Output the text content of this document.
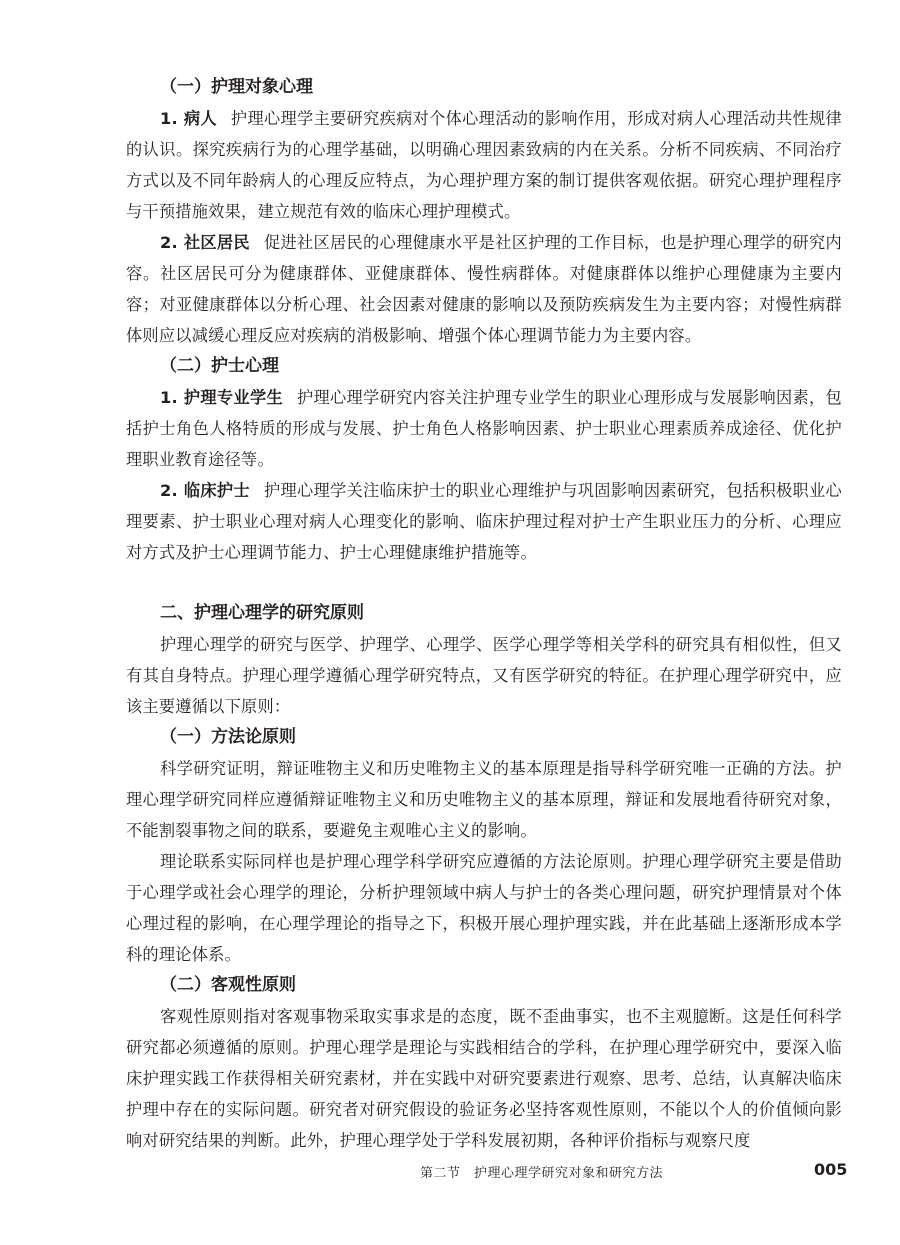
（一）护理对象心理

1. 病人 护理心理学主要研究疾病对个体心理活动的影响作用，形成对病人心理活动共性规律的认识。探究疾病行为的心理学基础，以明确心理因素致病的内在关系。分析不同疾病、不同治疗方式以及不同年龄病人的心理反应特点，为心理护理方案的制订提供客观依据。研究心理护理程序与干预措施效果，建立规范有效的临床心理护理模式。

2. 社区居民 促进社区居民的心理健康水平是社区护理的工作目标，也是护理心理学的研究内容。社区居民可分为健康群体、亚健康群体、慢性病群体。对健康群体以维护心理健康为主要内容；对亚健康群体以分析心理、社会因素对健康的影响以及预防疾病发生为主要内容；对慢性病群体则应以减缓心理反应对疾病的消极影响、增强个体心理调节能力为主要内容。

（二）护士心理

1. 护理专业学生 护理心理学研究内容关注护理专业学生的职业心理形成与发展影响因素，包括护士角色人格特质的形成与发展、护士角色人格影响因素、护士职业心理素质养成途径、优化护理职业教育途径等。

2. 临床护士 护理心理学关注临床护士的职业心理维护与巩固影响因素研究，包括积极职业心理要素、护士职业心理对病人心理变化的影响、临床护理过程对护士产生职业压力的分析、心理应对方式及护士心理调节能力、护士心理健康维护措施等。

二、护理心理学的研究原则

护理心理学的研究与医学、护理学、心理学、医学心理学等相关学科的研究具有相似性，但又有其自身特点。护理心理学遵循心理学研究特点，又有医学研究的特征。在护理心理学研究中，应该主要遵循以下原则：

（一）方法论原则

科学研究证明，辩证唯物主义和历史唯物主义的基本原理是指导科学研究唯一正确的方法。护理心理学研究同样应遵循辩证唯物主义和历史唯物主义的基本原理，辩证和发展地看待研究对象，不能割裂事物之间的联系，要避免主观唯心主义的影响。

理论联系实际同样也是护理心理学科学研究应遵循的方法论原则。护理心理学研究主要是借助于心理学或社会心理学的理论，分析护理领域中病人与护士的各类心理问题，研究护理情景对个体心理过程的影响，在心理学理论的指导之下，积极开展心理护理实践，并在此基础上逐渐形成本学科的理论体系。

（二）客观性原则

客观性原则指对客观事物采取实事求是的态度，既不歪曲事实，也不主观臆断。这是任何科学研究都必须遵循的原则。护理心理学是理论与实践相结合的学科，在护理心理学研究中，要深入临床护理实践工作获得相关研究素材，并在实践中对研究要素进行观察、思考、总结，认真解决临床护理中存在的实际问题。研究者对研究假设的验证务必坚持客观性原则，不能以个人的价值倾向影响对研究结果的判断。此外，护理心理学处于学科发展初期，各种评价指标与观察尺度

第二节　护理心理学研究对象和研究方法	005
